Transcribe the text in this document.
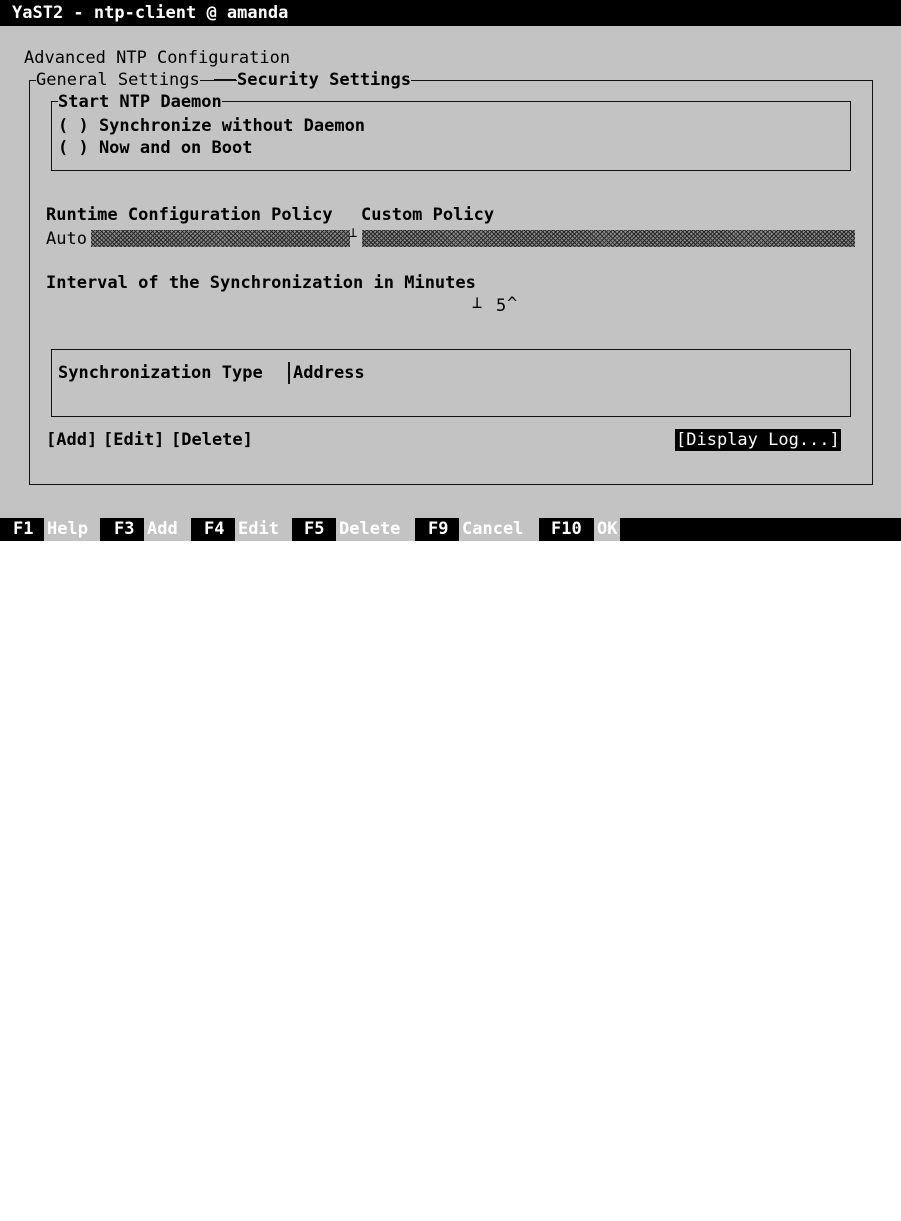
YaST2 - ntp-client @ amanda
Advanced NTP Configuration
General Settings Security Settings
Start NTP Daemon
( ) Synchronize without Daemon
( ) Now and on Boot
Runtime Configuration Policy Custom Policy
Auto	⊥
Interval of the Synchronization in Minutes
⊥ 5 ^
Synchronization Type Address
[Add] [Edit] [Delete]	[Display Log...]
F1 Help	F3 Add	F4 Edit	F5 Delete	F9 Cancel	F10 OK
